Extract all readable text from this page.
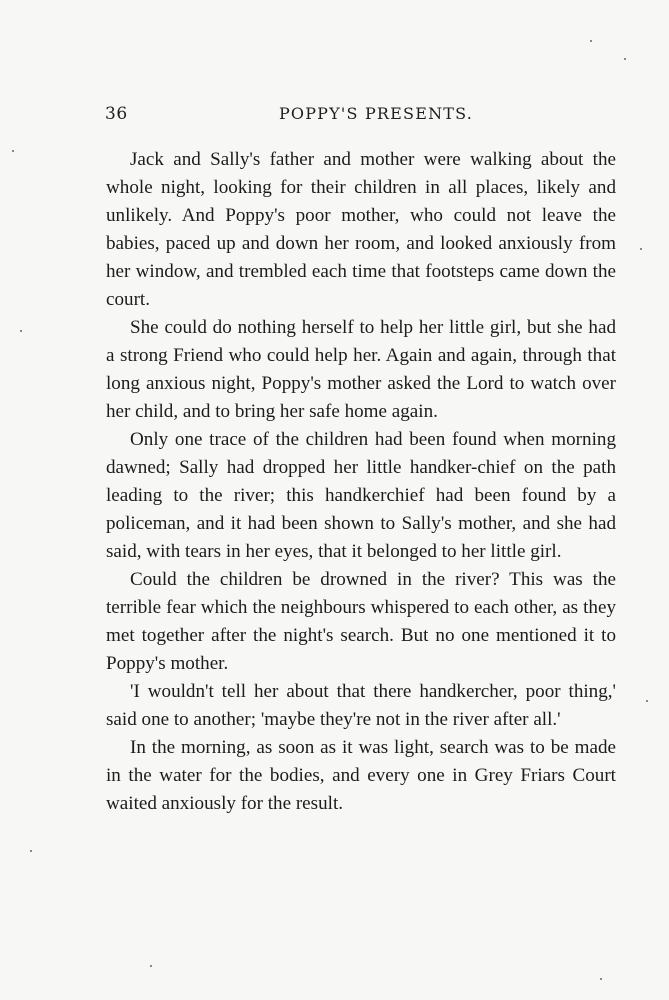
36	POPPY'S PRESENTS.

Jack and Sally's father and mother were walking about the whole night, looking for their children in all places, likely and unlikely. And Poppy's poor mother, who could not leave the babies, paced up and down her room, and looked anxiously from her window, and trembled each time that footsteps came down the court.

She could do nothing herself to help her little girl, but she had a strong Friend who could help her. Again and again, through that long anxious night, Poppy's mother asked the Lord to watch over her child, and to bring her safe home again.

Only one trace of the children had been found when morning dawned; Sally had dropped her little handker-chief on the path leading to the river; this handkerchief had been found by a policeman, and it had been shown to Sally's mother, and she had said, with tears in her eyes, that it belonged to her little girl.

Could the children be drowned in the river? This was the terrible fear which the neighbours whispered to each other, as they met together after the night's search. But no one mentioned it to Poppy's mother.

'I wouldn't tell her about that there handkercher, poor thing,' said one to another; 'maybe they're not in the river after all.'

In the morning, as soon as it was light, search was to be made in the water for the bodies, and every one in Grey Friars Court waited anxiously for the result.
